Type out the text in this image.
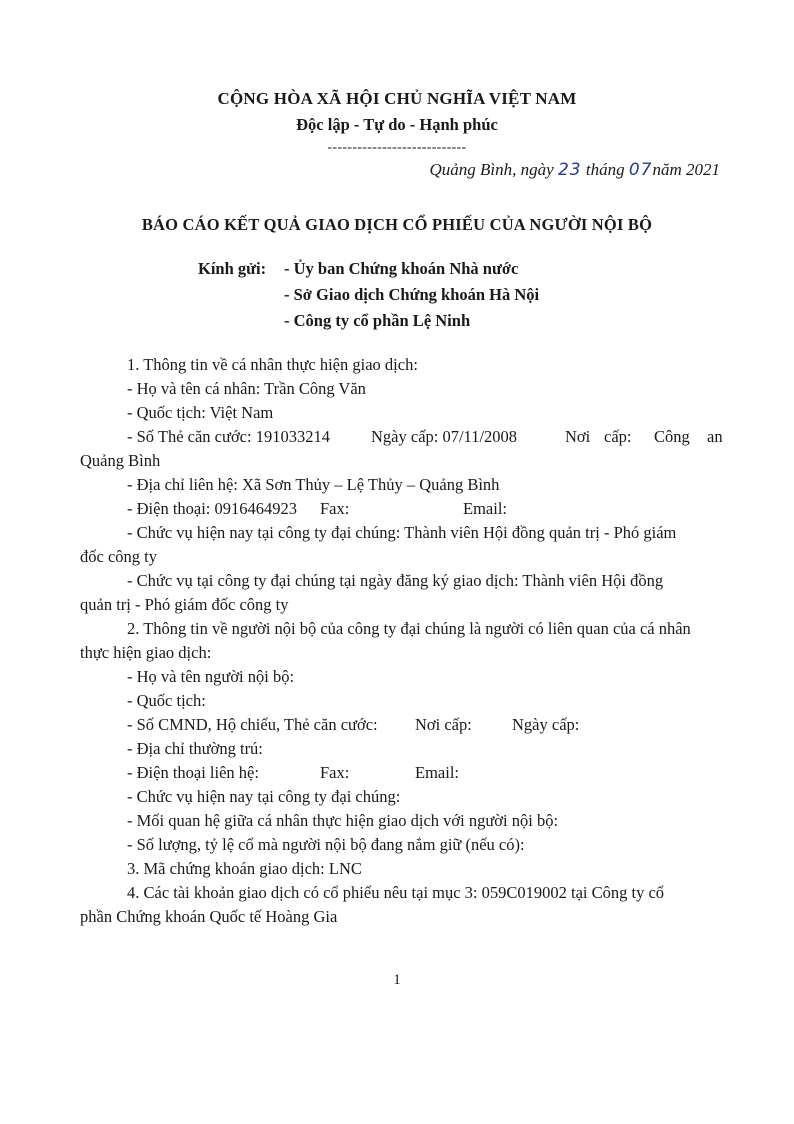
CỘNG HÒA XÃ HỘI CHỦ NGHĨA VIỆT NAM
Độc lập - Tự do - Hạnh phúc
----------------------------
Quảng Bình, ngày 23 tháng 07năm 2021
BÁO CÁO KẾT QUẢ GIAO DỊCH CỔ PHIẾU CỦA NGƯỜI NỘI BỘ
Kính gửi: - Ủy ban Chứng khoán Nhà nước
- Sở Giao dịch Chứng khoán Hà Nội
- Công ty cổ phần Lệ Ninh
1. Thông tin về cá nhân thực hiện giao dịch:
- Họ và tên cá nhân: Trần Công Văn
- Quốc tịch: Việt Nam
- Số Thẻ căn cước: 191033214 Ngày cấp: 07/11/2008	Nơi cấp: Công an
Quảng Bình
- Địa chỉ liên hệ: Xã Sơn Thủy – Lệ Thủy – Quảng Bình
- Điện thoại: 0916464923 Fax:	Email:
- Chức vụ hiện nay tại công ty đại chúng: Thành viên Hội đồng quản trị - Phó giám
đốc công ty
- Chức vụ tại công ty đại chúng tại ngày đăng ký giao dịch: Thành viên Hội đồng
quản trị - Phó giám đốc công ty
2. Thông tin về người nội bộ của công ty đại chúng là người có liên quan của cá nhân
thực hiện giao dịch:
- Họ và tên người nội bộ:
- Quốc tịch:
- Số CMND, Hộ chiếu, Thẻ căn cước: Nơi cấp: Ngày cấp:
- Địa chỉ thường trú:
- Điện thoại liên hệ:	Fax:	Email:
- Chức vụ hiện nay tại công ty đại chúng:
- Mối quan hệ giữa cá nhân thực hiện giao dịch với người nội bộ:
- Số lượng, tỷ lệ cổ mà người nội bộ đang nắm giữ (nếu có):
3. Mã chứng khoán giao dịch: LNC
4. Các tài khoản giao dịch có cổ phiếu nêu tại mục 3: 059C019002 tại Công ty cổ
phần Chứng khoán Quốc tế Hoàng Gia
1
